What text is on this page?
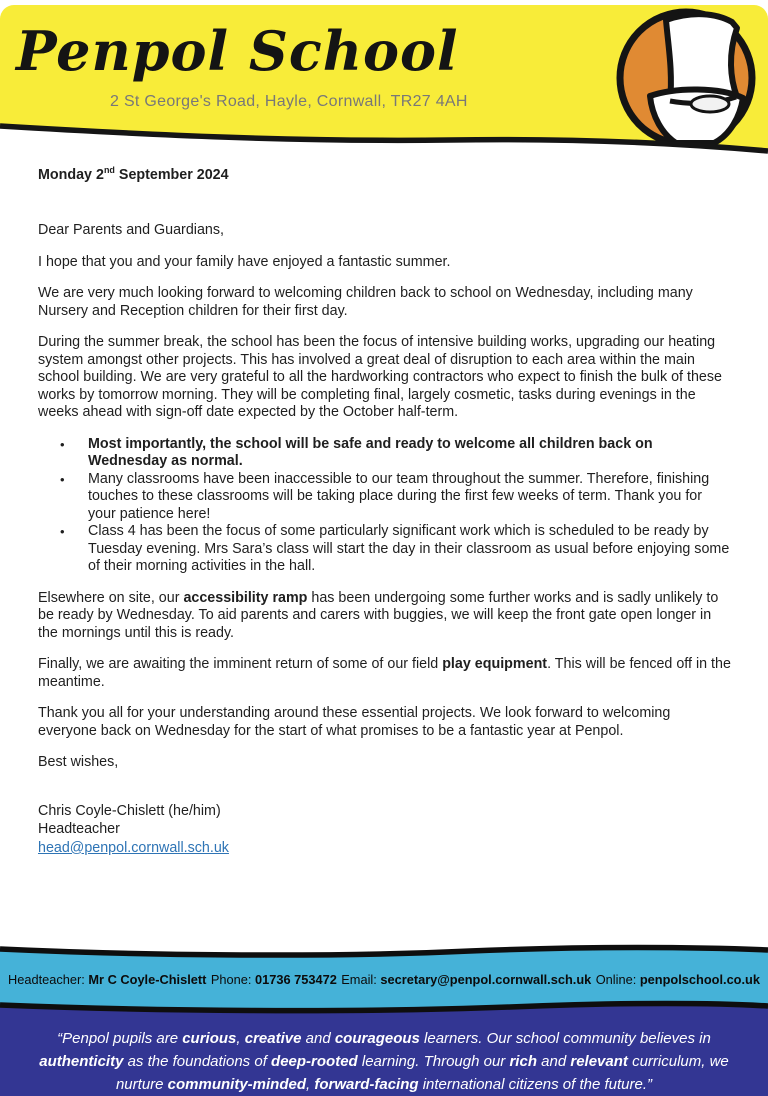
Penpol School
2 St George's Road, Hayle, Cornwall, TR27 4AH
Monday 2nd September 2024
Dear Parents and Guardians,

I hope that you and your family have enjoyed a fantastic summer.

We are very much looking forward to welcoming children back to school on Wednesday, including many Nursery and Reception children for their first day.

During the summer break, the school has been the focus of intensive building works, upgrading our heating system amongst other projects. This has involved a great deal of disruption to each area within the main school building. We are very grateful to all the hardworking contractors who expect to finish the bulk of these works by tomorrow morning. They will be completing final, largely cosmetic, tasks during evenings in the weeks ahead with sign-off date expected by the October half-term.

• Most importantly, the school will be safe and ready to welcome all children back on Wednesday as normal.
• Many classrooms have been inaccessible to our team throughout the summer. Therefore, finishing touches to these classrooms will be taking place during the first few weeks of term. Thank you for your patience here!
• Class 4 has been the focus of some particularly significant work which is scheduled to be ready by Tuesday evening. Mrs Sara’s class will start the day in their classroom as usual before enjoying some of their morning activities in the hall.

Elsewhere on site, our accessibility ramp has been undergoing some further works and is sadly unlikely to be ready by Wednesday. To aid parents and carers with buggies, we will keep the front gate open longer in the mornings until this is ready.

Finally, we are awaiting the imminent return of some of our field play equipment. This will be fenced off in the meantime.

Thank you all for your understanding around these essential projects. We look forward to welcoming everyone back on Wednesday for the start of what promises to be a fantastic year at Penpol.

Best wishes,
Chris Coyle-Chislett (he/him)
Headteacher
head@penpol.cornwall.sch.uk
Headteacher: Mr C Coyle-Chislett Phone: 01736 753472 Email: secretary@penpol.cornwall.sch.uk Online: penpolschool.co.uk
“Penpol pupils are curious, creative and courageous learners. Our school community believes in authenticity as the foundations of deep-rooted learning. Through our rich and relevant curriculum, we nurture community-minded, forward-facing international citizens of the future.”
